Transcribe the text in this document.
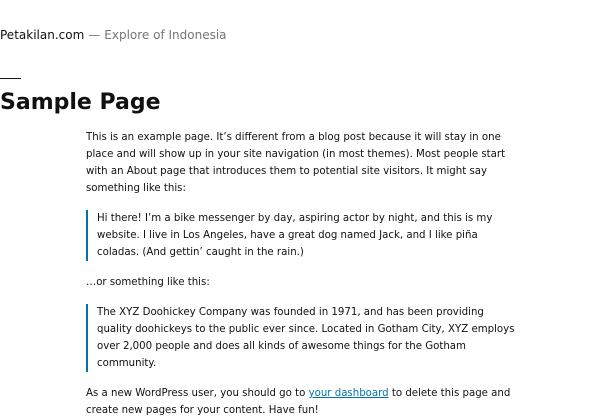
Petakilan.com — Explore of Indonesia
Sample Page

This is an example page. It’s different from a blog post because it will stay in one place and will show up in your site navigation (in most themes). Most people start with an About page that introduces them to potential site visitors. It might say something like this:

Hi there! I’m a bike messenger by day, aspiring actor by night, and this is my website. I live in Los Angeles, have a great dog named Jack, and I like piña coladas. (And gettin’ caught in the rain.)

…or something like this:

The XYZ Doohickey Company was founded in 1971, and has been providing quality doohickeys to the public ever since. Located in Gotham City, XYZ employs over 2,000 people and does all kinds of awesome things for the Gotham community.

As a new WordPress user, you should go to your dashboard to delete this page and create new pages for your content. Have fun!
